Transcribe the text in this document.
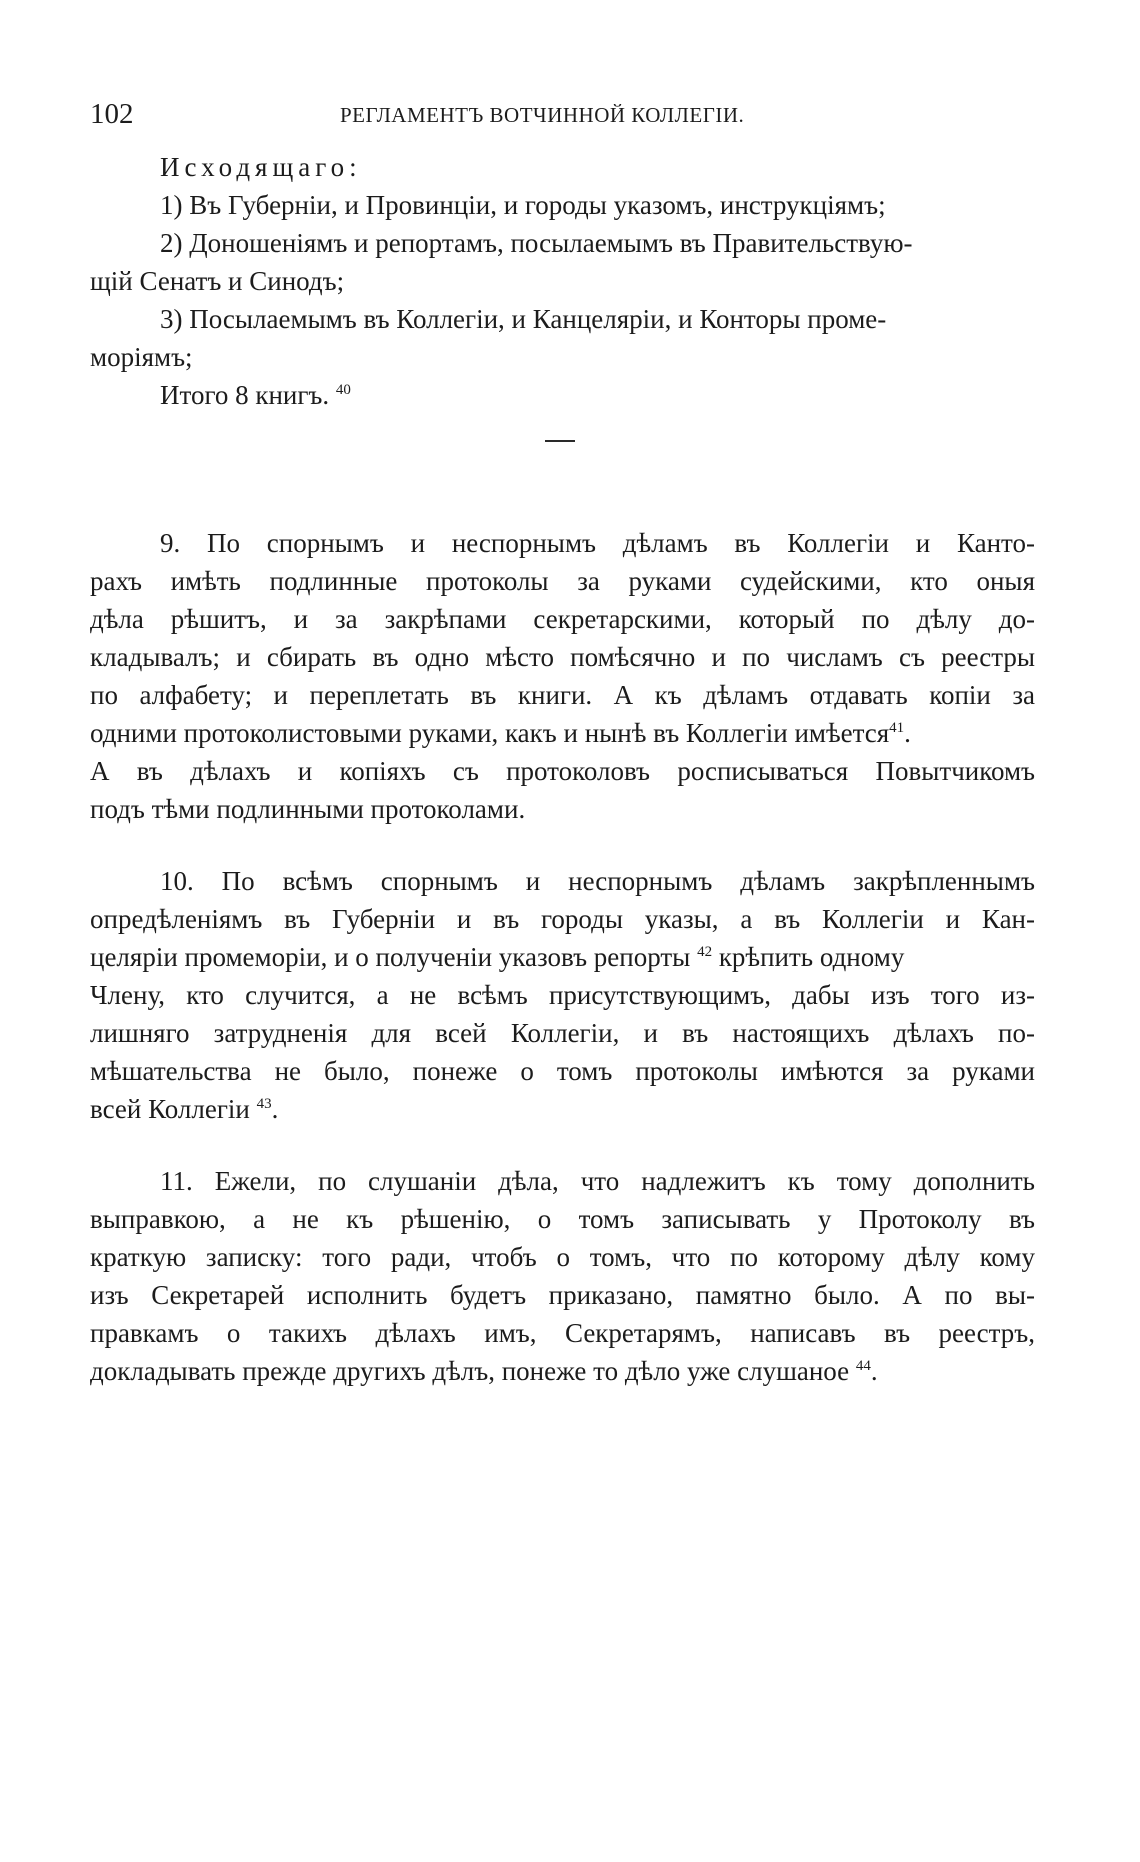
102	РЕГЛАМЕНТЪ ВОТЧИННОЙ КОЛЛЕГІИ.
Исходящаго:
1) Въ Губерніи, и Провинціи, и городы указомъ, инструкціямъ;
2) Доношеніямъ и репортамъ, посылаемымъ въ Правительствую-
щій Сенатъ и Синодъ;
3) Посылаемымъ въ Коллегіи, и Канцеляріи, и Конторы проме-
моріямъ;
Итого 8 книгъ. $^{40}$
9. По спорнымъ и неспорнымъ дѣламъ въ Коллегіи и Канто-
рахъ имѣть подлинные протоколы за руками судейскими, кто оныя
дѣла рѣшитъ, и за закрѣпами секретарскими, который по дѣлу до-
кладывалъ; и сбирать въ одно мѣсто помѣсячно и по числамъ съ реестры
по алфабету; и переплетать въ книги. А къ дѣламъ отдавать копіи за
одними протоколистовыми руками, какъ и нынѣ въ Коллегіи имѣется$^{41}$.
А въ дѣлахъ и копіяхъ съ протоколовъ росписываться Повытчикомъ
подъ тѣми подлинными протоколами.
10. По всѣмъ спорнымъ и неспорнымъ дѣламъ закрѣпленнымъ
опредѣленіямъ въ Губерніи и въ городы указы, а въ Коллегіи и Кан-
целяріи промеморіи, и о полученіи указовъ репорты $^{42}$ крѣпить одному
Члену, кто случится, а не всѣмъ присутствующимъ, дабы изъ того из-
лишняго затрудненія для всей Коллегіи, и въ настоящихъ дѣлахъ по-
мѣшательства не было, понеже о томъ протоколы имѣются за руками
всей Коллегіи $^{43}$.
11. Ежели, по слушаніи дѣла, что надлежитъ къ тому дополнить
выправкою, а не къ рѣшенію, о томъ записывать у Протоколу въ
краткую записку: того ради, чтобъ о томъ, что по которому дѣлу кому
изъ Секретарей исполнить будетъ приказано, памятно было. А по вы-
правкамъ о такихъ дѣлахъ имъ, Секретарямъ, написавъ въ реестръ,
докладывать прежде другихъ дѣлъ, понеже то дѣло уже слушаное $^{44}$.
